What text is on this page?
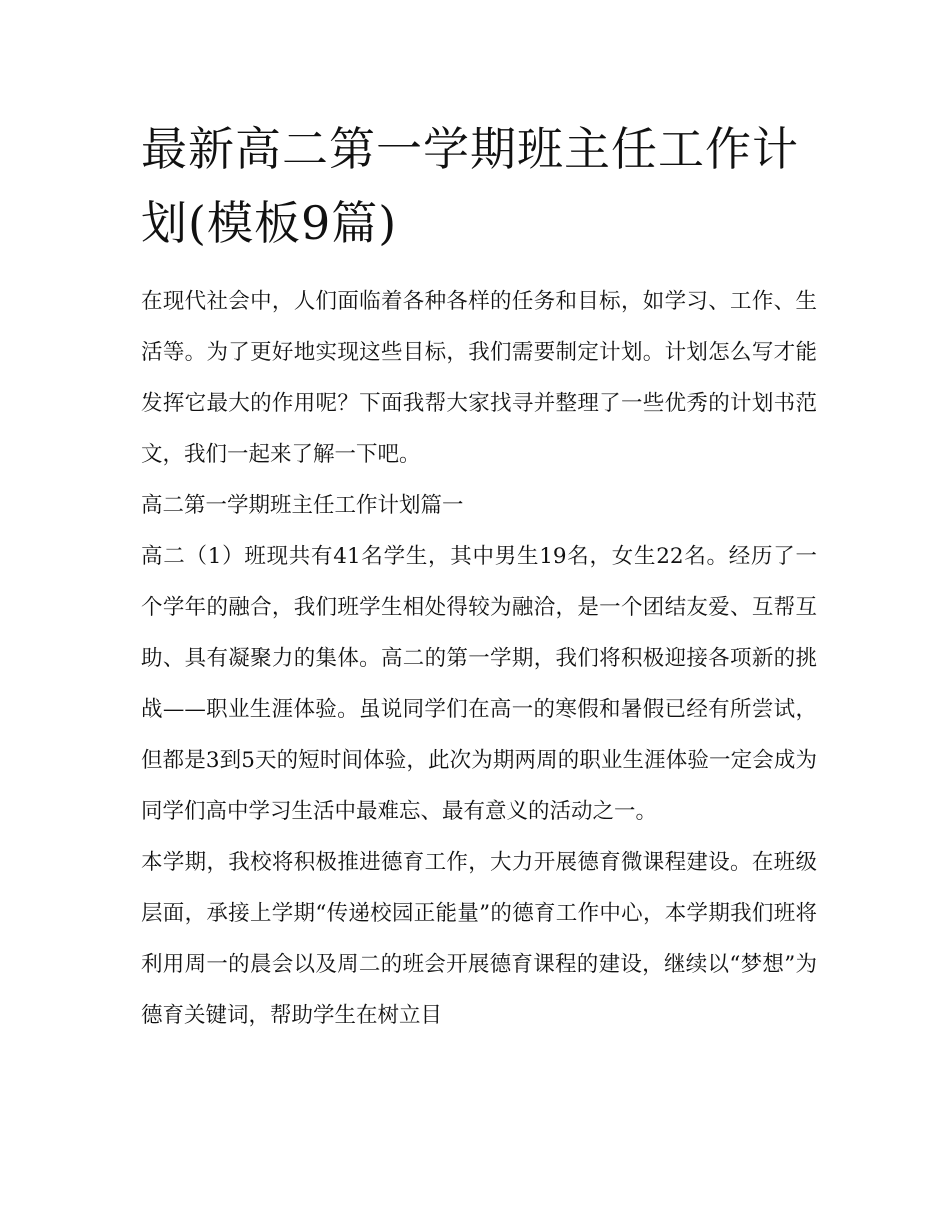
最新高二第一学期班主任工作计划(模板9篇)

在现代社会中，人们面临着各种各样的任务和目标，如学习、工作、生活等。为了更好地实现这些目标，我们需要制定计划。计划怎么写才能发挥它最大的作用呢？下面我帮大家找寻并整理了一些优秀的计划书范文，我们一起来了解一下吧。

高二第一学期班主任工作计划篇一

高二（1）班现共有41名学生，其中男生19名，女生22名。经历了一个学年的融合，我们班学生相处得较为融洽，是一个团结友爱、互帮互助、具有凝聚力的集体。高二的第一学期，我们将积极迎接各项新的挑战——职业生涯体验。虽说同学们在高一的寒假和暑假已经有所尝试，但都是3到5天的短时间体验，此次为期两周的职业生涯体验一定会成为同学们高中学习生活中最难忘、最有意义的活动之一。

本学期，我校将积极推进德育工作，大力开展德育微课程建设。在班级层面，承接上学期“传递校园正能量”的德育工作中心，本学期我们班将利用周一的晨会以及周二的班会开展德育课程的建设，继续以“梦想”为德育关键词，帮助学生在树立目
